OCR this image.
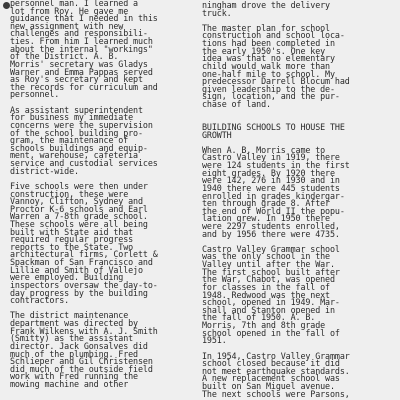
personnel man. I learned a
lot from Roy. He gave me
guidance that I needed in this
new assignment with new
challenges and responsibili-
ties. From him I learned much
about the internal "workings"
of the District. A. B.
Morris' secretary was Gladys
Warner and Emma Pappas served
as Roy's secretary and kept
the records for curriculum and
personnel.
As assistant superintendent
for business my immediate
concerns were the supervision
of the school building pro-
gram, the maintenance of
schools buildings and equip-
ment, warehouse, cafeteria
service and custodial services
district-wide.
Five schools were then under
construction, these were
Vannoy, Clifton, Sydney and
Proctor K-6 schools and Earl
Warren a 7-8th grade school.
These schools were all being
built with State aid that
required regular progress
reports to the State. Two
architectural firms, Corlett &
Spackman of San Francisco and
Lillie and Smith of Vallejo
were employed. Building
inspectors oversaw the day-to-
day progress by the building
contractors.
The district maintenance
department was directed by
Frank Wilkens with A. J. Smith
(Smitty) as the assistant
director. Jack Gonsalves did
much of the plumbing. Fred
Schlieper and Gil Christensen
did much of the outside field
work with Fred running the
mowing machine and other
ningham drove the delivery
truck.
The master plan for school
construction and school loca-
tions had been completed in
the early 1950's. One key
idea was that no elementary
child would walk more than
one-half mile to school. My
predecessor Darrell Blocum had
given leadership to the de-
sign, location, and the pur-
chase of land.
BUILDING SCHOOLS TO HOUSE THE
GROWTH
When A. B. Morris came to
Castro Valley in 1919, there
were 124 students in the first
eight grades. By 1920 there
were 142, 276 in 1930 and in
1940 there were 445 students
enrolled in grades kindergar-
ten through grade 8. After
the end of World II the popu-
lation grew. In 1950 there
were 2297 students enrolled,
and by 1956 there were 4735.
Castro Valley Grammar school
was the only school in the
Valley until after the War.
The first school built after
the War, Chabot, was opened
for classes in the fall of
1948. Redwood was the next
school, opened in 1949. Mar-
shall and Stanton opened in
the fall of 1950. A. B.
Morris, 7th and 8th grade
school opened in the fall of
1951.
In 1954, Castro Valley Grammar
school closed because it did
not meet earthquake standards.
A new replacement school was
built on San Miguel avenue.
The next schools were Parsons,
